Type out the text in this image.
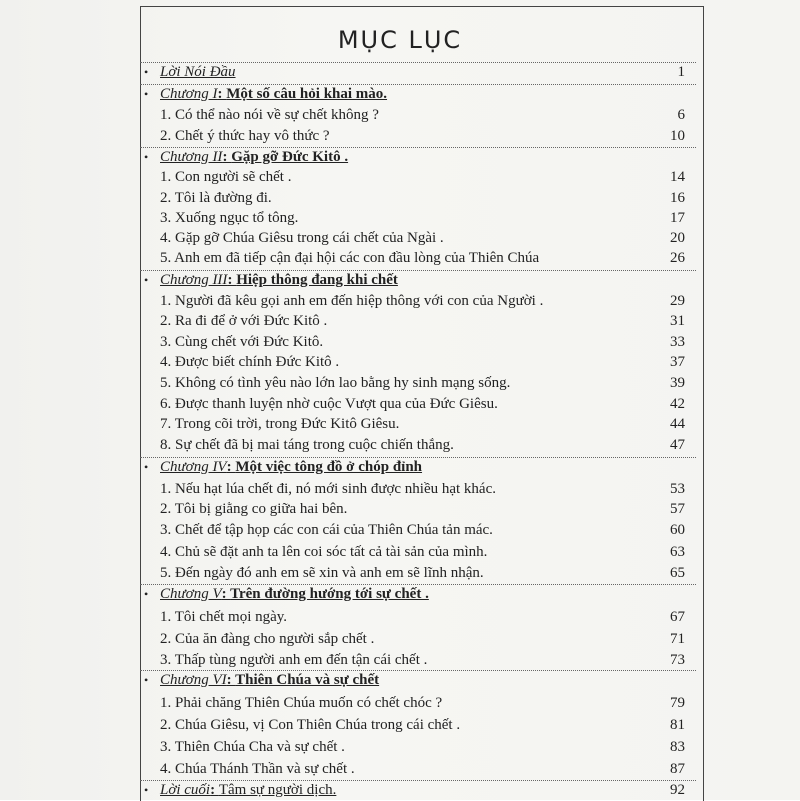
MỤC LỤC
• Lời Nói Đầu	1
• Chương I: Một số câu hỏi khai mào.
1. Có thể nào nói về sự chết không ?	6
2. Chết ý thức hay vô thức ?	10
• Chương II: Gặp gỡ Đức Kitô .
1. Con người sẽ chết .	14
2. Tôi là đường đi.	16
3. Xuống ngục tổ tông.	17
4. Gặp gỡ Chúa Giêsu trong cái chết của Ngài .	20
5. Anh em đã tiếp cận đại hội các con đầu lòng của Thiên Chúa	26
• Chương III: Hiệp thông đang khi chết
1. Người đã kêu gọi anh em đến hiệp thông với con của Người .	29
2. Ra đi để ở với Đức Kitô .	31
3. Cùng chết với Đức Kitô.	33
4. Được biết chính Đức Kitô .	37
5. Không có tình yêu nào lớn lao bằng hy sinh mạng sống.	39
6. Được thanh luyện nhờ cuộc Vượt qua của Đức Giêsu.	42
7. Trong cõi trời, trong Đức Kitô Giêsu.	44
8. Sự chết đã bị mai táng trong cuộc chiến thắng.	47
• Chương IV: Một việc tông đồ ở chóp đỉnh
1. Nếu hạt lúa chết đi, nó mới sinh được nhiều hạt khác.	53
2. Tôi bị giằng co giữa hai bên.	57
3. Chết để tập họp các con cái của Thiên Chúa tản mác.	60
4. Chủ sẽ đặt anh ta lên coi sóc tất cả tài sản của mình.	63
5. Đến ngày đó anh em sẽ xin và anh em sẽ lĩnh nhận.	65
• Chương V: Trên đường hướng tới sự chết .
1. Tôi chết mọi ngày.	67
2. Của ăn đàng cho người sắp chết .	71
3. Thấp tùng người anh em đến tận cái chết .	73
• Chương VI: Thiên Chúa và sự chết
1. Phải chăng Thiên Chúa muốn có chết chóc ?	79
2. Chúa Giêsu, vị Con Thiên Chúa trong cái chết .	81
3. Thiên Chúa Cha và sự chết .	83
4. Chúa Thánh Thần và sự chết .	87
• Lời cuối: Tâm sự người dịch.	92
